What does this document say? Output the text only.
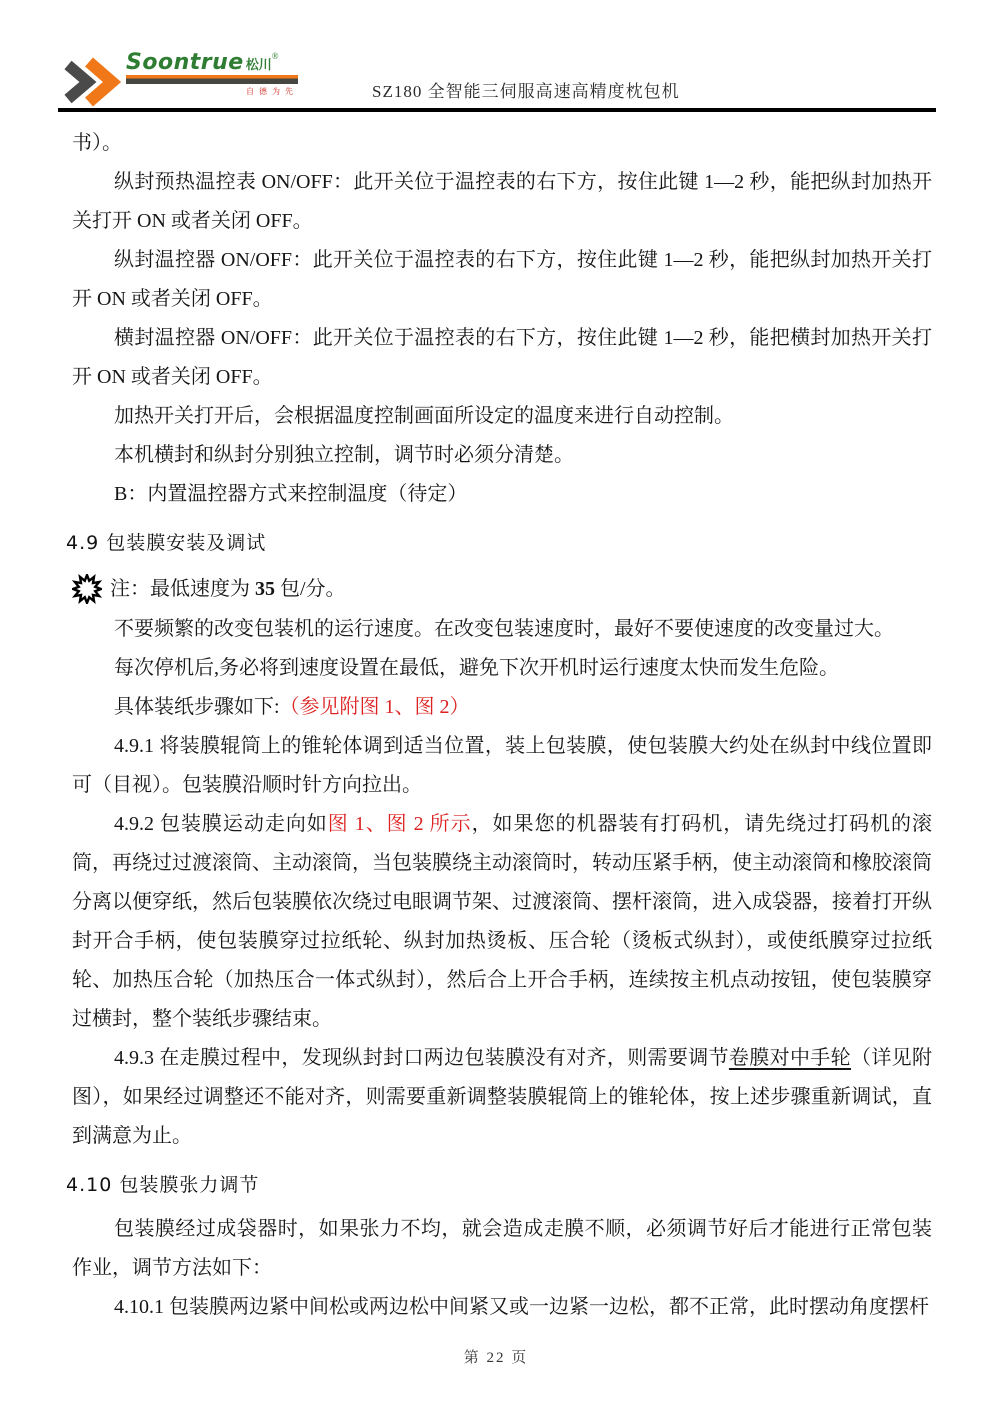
Soontrue 松川
®
自德为先	SZ180 全智能三伺服高速高精度枕包机

书）。

纵封预热温控表 ON/OFF：此开关位于温控表的右下方，按住此键 1—2 秒，能把纵封加热开关打开 ON 或者关闭 OFF。

纵封温控器 ON/OFF：此开关位于温控表的右下方，按住此键 1—2 秒，能把纵封加热开关打开 ON 或者关闭 OFF。

横封温控器 ON/OFF：此开关位于温控表的右下方，按住此键 1—2 秒，能把横封加热开关打开 ON 或者关闭 OFF。

加热开关打开后，会根据温度控制画面所设定的温度来进行自动控制。

本机横封和纵封分别独立控制，调节时必须分清楚。

B：内置温控器方式来控制温度（待定）

4.9 包装膜安装及调试
注：最低速度为 35 包/分。

不要频繁的改变包装机的运行速度。在改变包装速度时，最好不要使速度的改变量过大。

每次停机后,务必将到速度设置在最低，避免下次开机时运行速度太快而发生危险。

具体装纸步骤如下:（参见附图 1、图 2）

4.9.1 将装膜辊筒上的锥轮体调到适当位置，装上包装膜，使包装膜大约处在纵封中线位置即可（目视）。包装膜沿顺时针方向拉出。

4.9.2 包装膜运动走向如图 1、图 2 所示，如果您的机器装有打码机，请先绕过打码机的滚筒，再绕过过渡滚筒、主动滚筒，当包装膜绕主动滚筒时，转动压紧手柄，使主动滚筒和橡胶滚筒分离以便穿纸，然后包装膜依次绕过电眼调节架、过渡滚筒、摆杆滚筒，进入成袋器，接着打开纵封开合手柄，使包装膜穿过拉纸轮、纵封加热烫板、压合轮（烫板式纵封），或使纸膜穿过拉纸轮、加热压合轮（加热压合一体式纵封），然后合上开合手柄，连续按主机点动按钮，使包装膜穿过横封，整个装纸步骤结束。

4.9.3 在走膜过程中，发现纵封封口两边包装膜没有对齐，则需要调节卷膜对中手轮（详见附图），如果经过调整还不能对齐，则需要重新调整装膜辊筒上的锥轮体，按上述步骤重新调试，直到满意为止。

4.10 包装膜张力调节

包装膜经过成袋器时，如果张力不均，就会造成走膜不顺，必须调节好后才能进行正常包装作业，调节方法如下：

4.10.1 包装膜两边紧中间松或两边松中间紧又或一边紧一边松，都不正常，此时摆动角度摆杆

第 22 页
